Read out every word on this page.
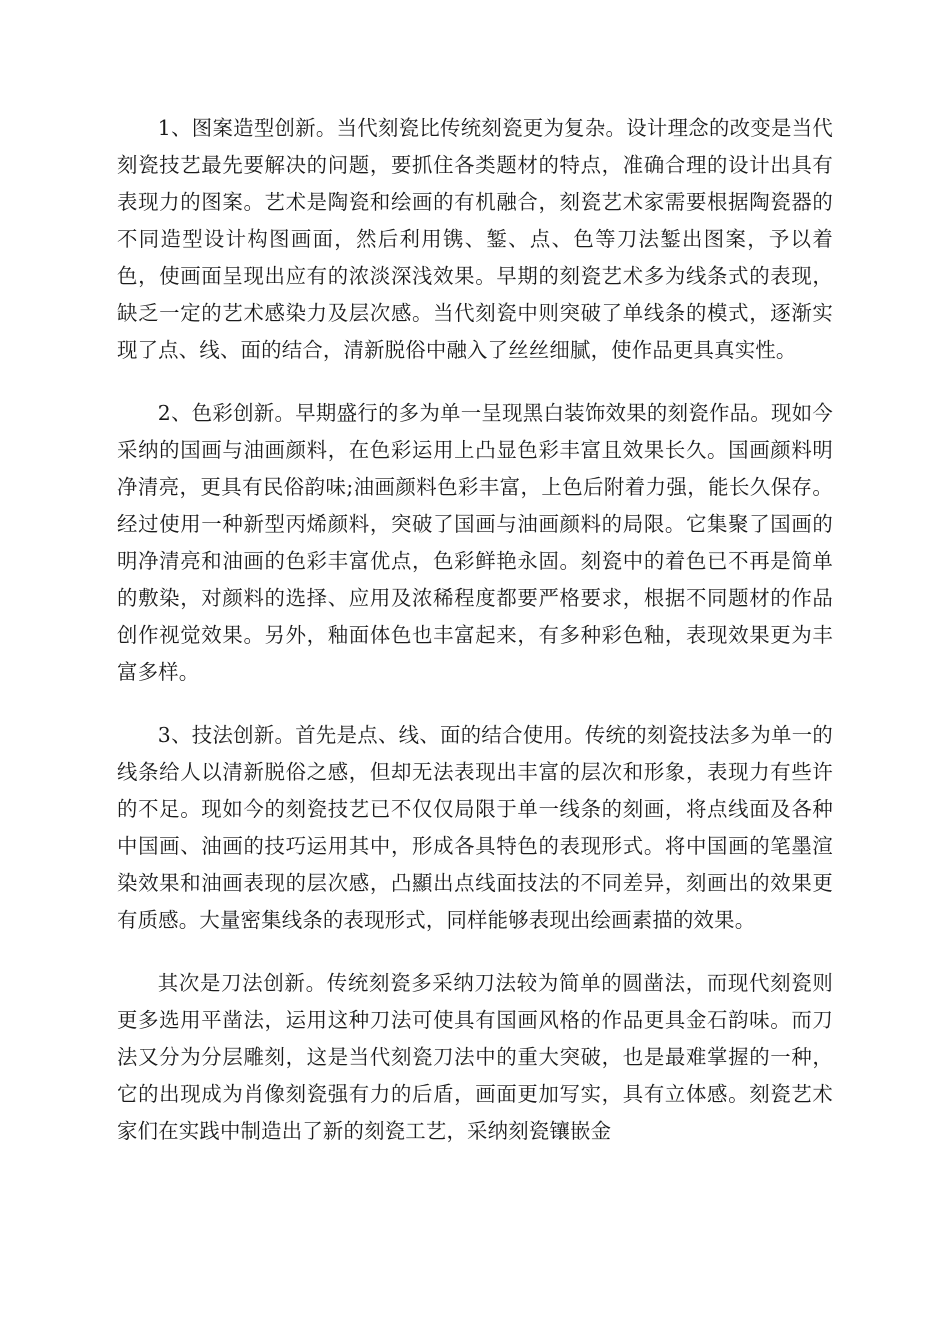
1、图案造型创新。当代刻瓷比传统刻瓷更为复杂。设计理念的改变是当代刻瓷技艺最先要解决的问题，要抓住各类题材的特点，准确合理的设计出具有表现力的图案。艺术是陶瓷和绘画的有机融合，刻瓷艺术家需要根据陶瓷器的不同造型设计构图画面，然后利用镌、錾、点、色等刀法錾出图案，予以着色，使画面呈现出应有的浓淡深浅效果。早期的刻瓷艺术多为线条式的表现，缺乏一定的艺术感染力及层次感。当代刻瓷中则突破了单线条的模式，逐渐实现了点、线、面的结合，清新脱俗中融入了丝丝细腻，使作品更具真实性。

2、色彩创新。早期盛行的多为单一呈现黑白装饰效果的刻瓷作品。现如今采纳的国画与油画颜料，在色彩运用上凸显色彩丰富且效果长久。国画颜料明净清亮，更具有民俗韵味;油画颜料色彩丰富，上色后附着力强，能长久保存。经过使用一种新型丙烯颜料，突破了国画与油画颜料的局限。它集聚了国画的明净清亮和油画的色彩丰富优点，色彩鲜艳永固。刻瓷中的着色已不再是简单的敷染，对颜料的选择、应用及浓稀程度都要严格要求，根据不同题材的作品创作视觉效果。另外，釉面体色也丰富起来，有多种彩色釉，表现效果更为丰富多样。

3、技法创新。首先是点、线、面的结合使用。传统的刻瓷技法多为单一的线条给人以清新脱俗之感，但却无法表现出丰富的层次和形象，表现力有些许的不足。现如今的刻瓷技艺已不仅仅局限于单一线条的刻画，将点线面及各种中国画、油画的技巧运用其中，形成各具特色的表现形式。将中国画的笔墨渲染效果和油画表现的层次感，凸顯出点线面技法的不同差异，刻画出的效果更有质感。大量密集线条的表现形式，同样能够表现出绘画素描的效果。

其次是刀法创新。传统刻瓷多采纳刀法较为简单的圆凿法，而现代刻瓷则更多选用平凿法，运用这种刀法可使具有国画风格的作品更具金石韵味。而刀法又分为分层雕刻，这是当代刻瓷刀法中的重大突破，也是最难掌握的一种，它的出现成为肖像刻瓷强有力的后盾，画面更加写实，具有立体感。刻瓷艺术家们在实践中制造出了新的刻瓷工艺，采纳刻瓷镶嵌金
